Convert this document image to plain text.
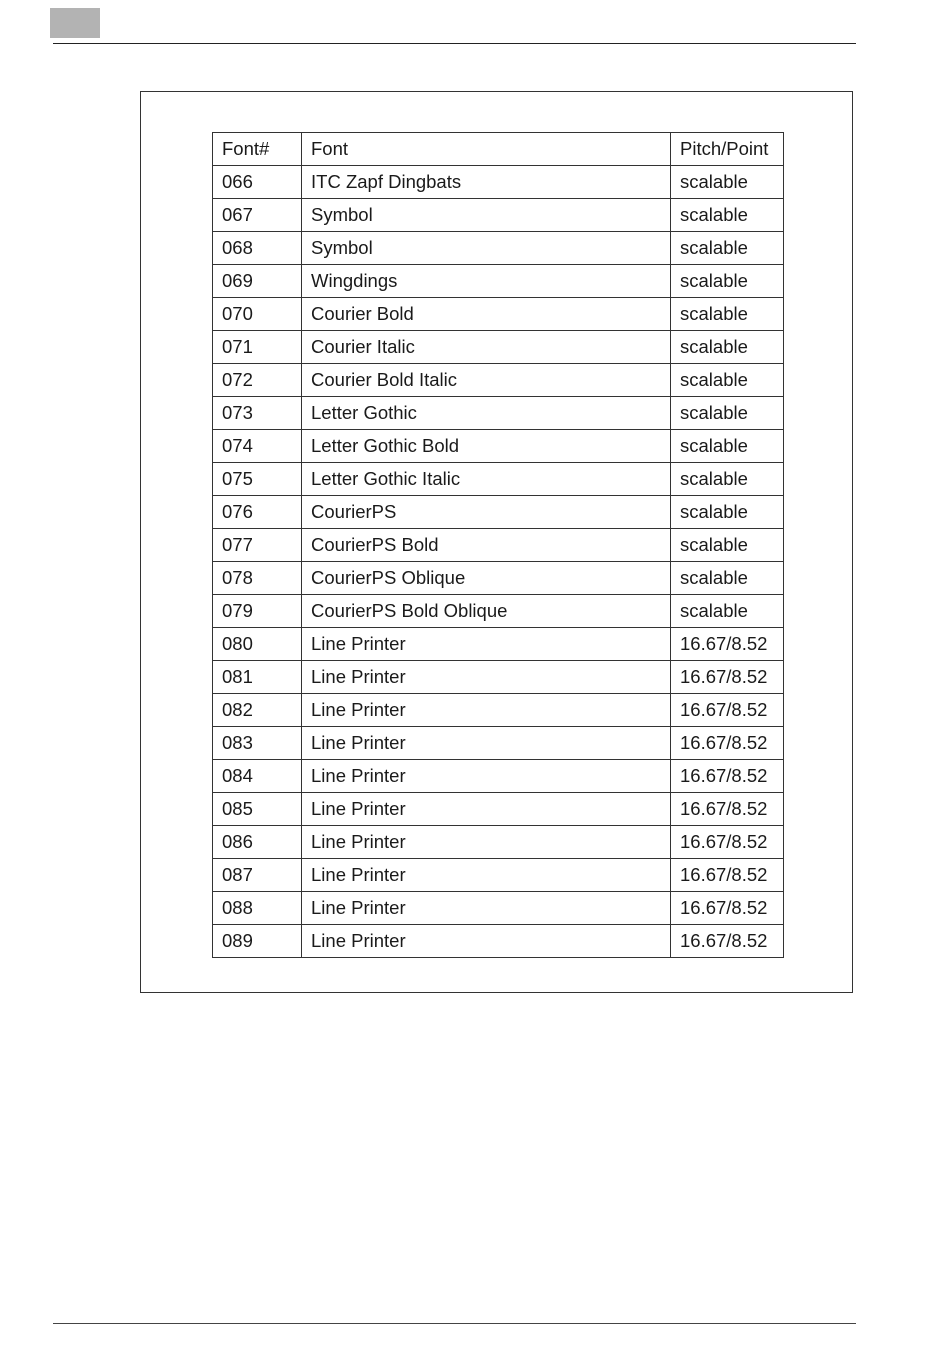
Font#	Font	Pitch/Point
066	ITC Zapf Dingbats	scalable
067	Symbol	scalable
068	Symbol	scalable
069	Wingdings	scalable
070	Courier Bold	scalable
071	Courier Italic	scalable
072	Courier Bold Italic	scalable
073	Letter Gothic	scalable
074	Letter Gothic Bold	scalable
075	Letter Gothic Italic	scalable
076	CourierPS	scalable
077	CourierPS Bold	scalable
078	CourierPS Oblique	scalable
079	CourierPS Bold Oblique	scalable
080	Line Printer	16.67/8.52
081	Line Printer	16.67/8.52
082	Line Printer	16.67/8.52
083	Line Printer	16.67/8.52
084	Line Printer	16.67/8.52
085	Line Printer	16.67/8.52
086	Line Printer	16.67/8.52
087	Line Printer	16.67/8.52
088	Line Printer	16.67/8.52
089	Line Printer	16.67/8.52
